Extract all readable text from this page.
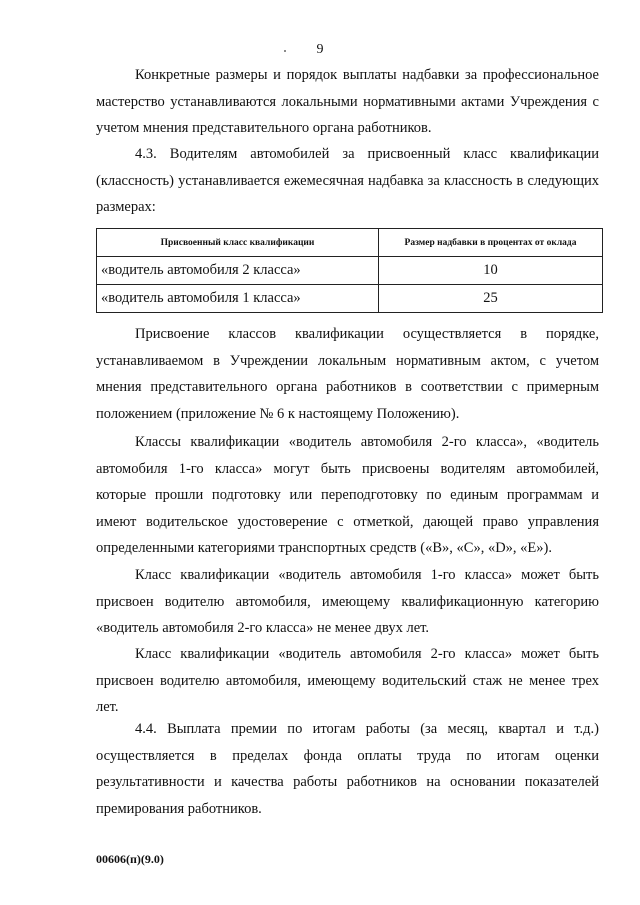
9

Конкретные размеры и порядок выплаты надбавки за профессиональное мастерство устанавливаются локальными нормативными актами Учреждения с учетом мнения представительного органа работников.

4.3. Водителям автомобилей за присвоенный класс квалификации (классность) устанавливается ежемесячная надбавка за классность в следующих размерах:

Присвоенный класс квалификации	Размер надбавки в процентах от оклада
«водитель автомобиля 2 класса»	10
«водитель автомобиля 1 класса»	25

Присвоение классов квалификации осуществляется в порядке, устанавливаемом в Учреждении локальным нормативным актом, с учетом мнения представительного органа работников в соответствии с примерным положением (приложение № 6 к настоящему Положению).

Классы квалификации «водитель автомобиля 2-го класса», «водитель автомобиля 1-го класса» могут быть присвоены водителям автомобилей, которые прошли подготовку или переподготовку по единым программам и имеют водительское удостоверение с отметкой, дающей право управления определенными категориями транспортных средств («В», «С», «D», «Е»).

Класс квалификации «водитель автомобиля 1-го класса» может быть присвоен водителю автомобиля, имеющему квалификационную категорию «водитель автомобиля 2-го класса» не менее двух лет.

Класс квалификации «водитель автомобиля 2-го класса» может быть присвоен водителю автомобиля, имеющему водительский стаж не менее трех лет.

4.4. Выплата премии по итогам работы (за месяц, квартал и т.д.) осуществляется в пределах фонда оплаты труда по итогам оценки результативности и качества работы работников на основании показателей премирования работников.

00606(п)(9.0)
